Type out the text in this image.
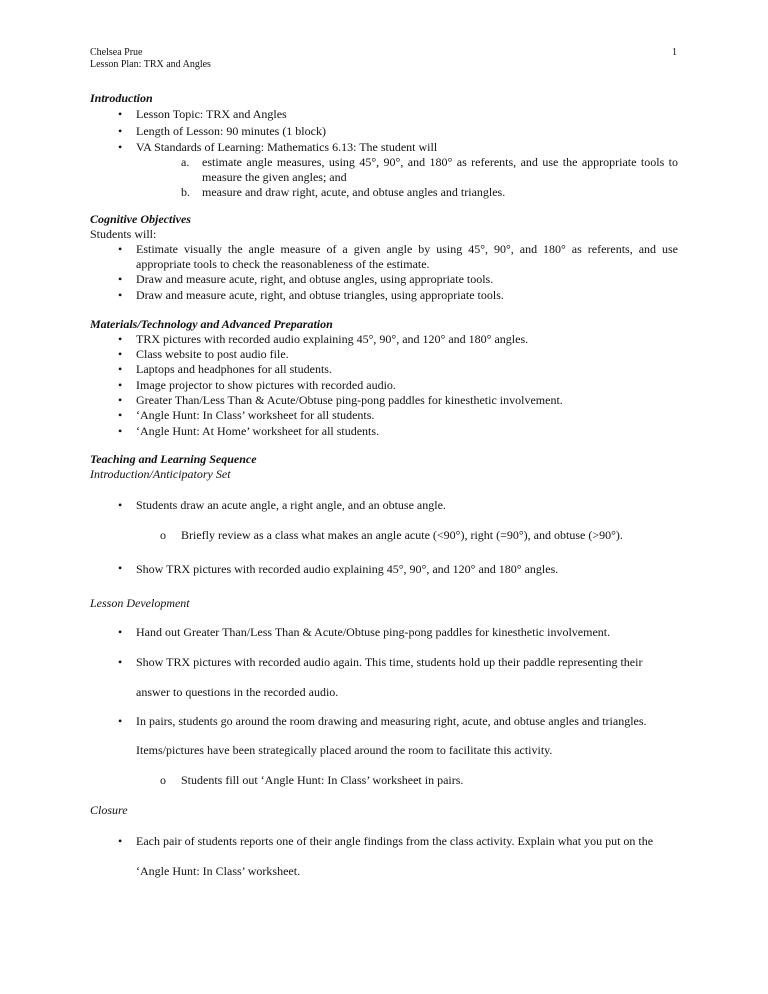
Chelsea Prue
Lesson Plan: TRX and Angles
1
Introduction
•	Lesson Topic: TRX and Angles
•	Length of Lesson: 90 minutes (1 block)
•	VA Standards of Learning: Mathematics 6.13: The student will
a. estimate angle measures, using 45°, 90°, and 180° as referents, and use the appropriate tools to measure the given angles; and
b. measure and draw right, acute, and obtuse angles and triangles.
Cognitive Objectives
Students will:
•	Estimate visually the angle measure of a given angle by using 45°, 90°, and 180° as referents, and use appropriate tools to check the reasonableness of the estimate.
•	Draw and measure acute, right, and obtuse angles, using appropriate tools.
•	Draw and measure acute, right, and obtuse triangles, using appropriate tools.
Materials/Technology and Advanced Preparation
•	TRX pictures with recorded audio explaining 45°, 90°, and 120° and 180° angles.
•	Class website to post audio file.
•	Laptops and headphones for all students.
•	Image projector to show pictures with recorded audio.
•	Greater Than/Less Than & Acute/Obtuse ping-pong paddles for kinesthetic involvement.
•	‘Angle Hunt: In Class’ worksheet for all students.
•	‘Angle Hunt: At Home’ worksheet for all students.
Teaching and Learning Sequence
Introduction/Anticipatory Set
•	Students draw an acute angle, a right angle, and an obtuse angle.
o Briefly review as a class what makes an angle acute (<90°), right (=90°), and obtuse (>90°).
•	Show TRX pictures with recorded audio explaining 45°, 90°, and 120° and 180° angles.
Lesson Development
•	Hand out Greater Than/Less Than & Acute/Obtuse ping-pong paddles for kinesthetic involvement.
•	Show TRX pictures with recorded audio again. This time, students hold up their paddle representing their
answer to questions in the recorded audio.
•	In pairs, students go around the room drawing and measuring right, acute, and obtuse angles and triangles.
Items/pictures have been strategically placed around the room to facilitate this activity.
o Students fill out ‘Angle Hunt: In Class’ worksheet in pairs.
Closure
•	Each pair of students reports one of their angle findings from the class activity. Explain what you put on the
‘Angle Hunt: In Class’ worksheet.
